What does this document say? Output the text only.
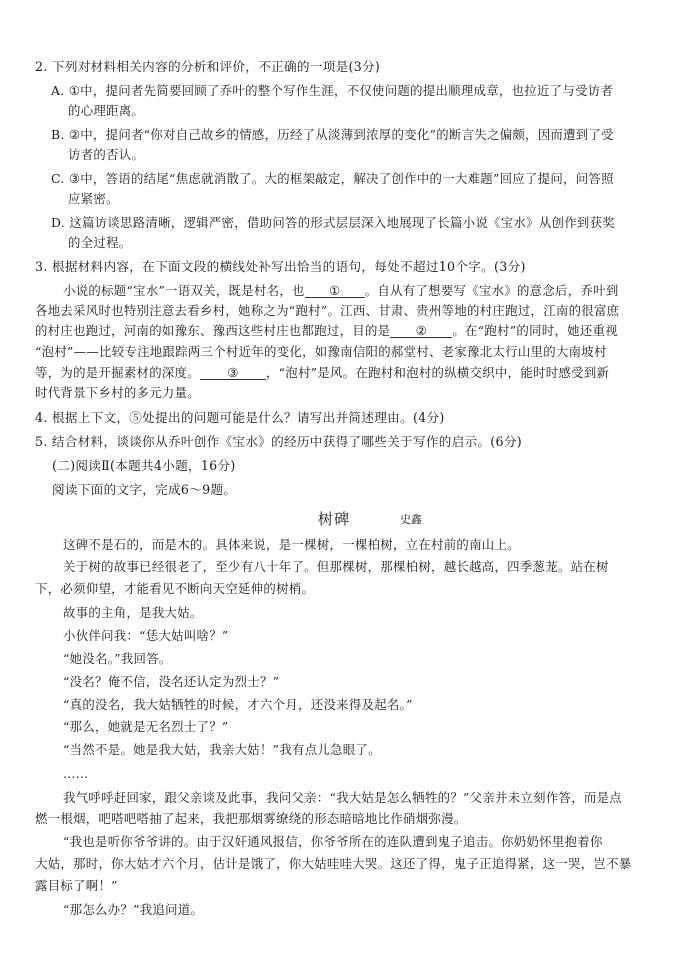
2. 下列对材料相关内容的分析和评价，不正确的一项是(3分)
A. ①中，提问者先简要回顾了乔叶的整个写作生涯，不仅使问题的提出顺理成章，也拉近了与受访者
的心理距离。
B. ②中，提问者“你对自己故乡的情感，历经了从淡薄到浓厚的变化”的断言失之偏颇，因而遭到了受
访者的否认。
C. ③中，答语的结尾“焦虑就消散了。大的框架敲定，解决了创作中的一大难题”回应了提问，问答照
应紧密。
D. 这篇访谈思路清晰，逻辑严密，借助问答的形式层层深入地展现了长篇小说《宝水》从创作到获奖
的全过程。
3. 根据材料内容，在下面文段的横线处补写出恰当的语句，每处不超过10个字。(3分)
小说的标题“宝水”一语双关，既是村名，也 ① 。自从有了想要写《宝水》的意念后，乔叶到
各地去采风时也特别注意去看乡村，她称之为“跑村”。江西、甘肃、贵州等地的村庄跑过，江南的很富庶
的村庄也跑过，河南的如豫东、豫西这些村庄也都跑过，目的是 ② 。在“跑村”的同时，她还重视
“泡村”——比较专注地跟踪两三个村近年的变化，如豫南信阳的郝堂村、老家豫北太行山里的大南坡村
等，为的是开掘素材的深度。 ③ ，“泡村”是风。在跑村和泡村的纵横交织中，能时时感受到新
时代背景下乡村的多元力量。
4. 根据上下文，⑤处提出的问题可能是什么？请写出并简述理由。(4分)
5. 结合材料，谈谈你从乔叶创作《宝水》的经历中获得了哪些关于写作的启示。(6分)
(二)阅读Ⅱ(本题共4小题，16分)
阅读下面的文字，完成6～9题。
树碑	史鑫
这碑不是石的，而是木的。具体来说，是一棵树，一棵柏树，立在村前的南山上。
关于树的故事已经很老了，至少有八十年了。但那棵树，那棵柏树，越长越高，四季葱茏。站在树
下，必须仰望，才能看见不断向天空延伸的树梢。
故事的主角，是我大姑。
小伙伴问我：“恁大姑叫啥？”
“她没名。”我回答。
“没名？俺不信，没名还认定为烈士？”
“真的没名，我大姑牺牲的时候，才六个月，还没来得及起名。”
“那么，她就是无名烈士了？”
“当然不是。她是我大姑，我亲大姑！”我有点儿急眼了。
……
我气呼呼赶回家，跟父亲谈及此事，我问父亲：“我大姑是怎么牺牲的？”父亲并未立刻作答，而是点
燃一根烟，吧嗒吧嗒抽了起来，我把那烟雾缭绕的形态暗暗地比作硝烟弥漫。
“我也是听你爷爷讲的。由于汉奸通风报信，你爷爷所在的连队遭到鬼子追击。你奶奶怀里抱着你
大姑，那时，你大姑才六个月，估计是饿了，你大姑哇哇大哭。这还了得，鬼子正追得紧，这一哭，岂不暴
露目标了啊！”
“那怎么办？”我追问道。
